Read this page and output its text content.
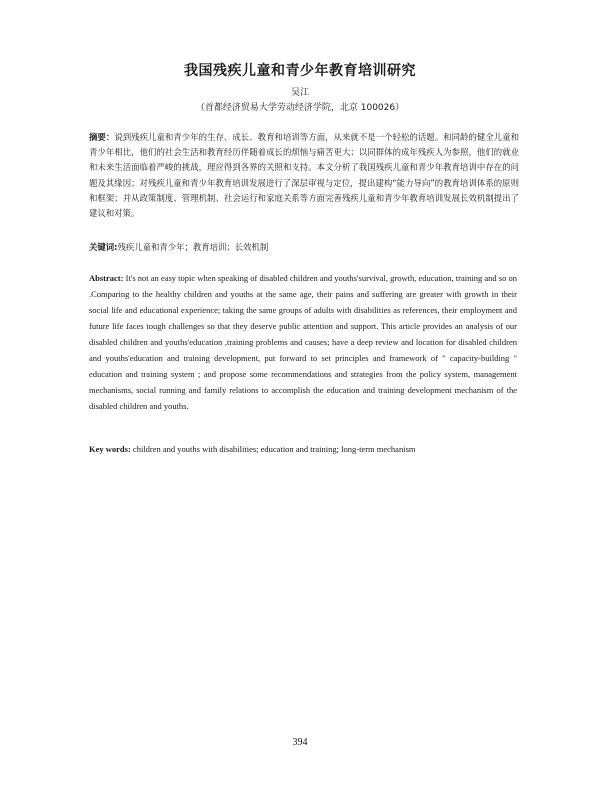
我国残疾儿童和青少年教育培训研究
吴江
（首都经济贸易大学劳动经济学院，北京 100026）
摘要：说到残疾儿童和青少年的生存、成长、教育和培训等方面，从来就不是一个轻松的话题。和同龄的健全儿童和青少年相比，他们的社会生活和教育经历伴随着成长的烦恼与痛苦更大；以同群体的成年残疾人为参照，他们的就业和未来生活面临着严峻的挑战，理应得到各界的关照和支持。本文分析了我国残疾儿童和青少年教育培训中存在的问题及其缘因；对残疾儿童和青少年教育培训发展进行了深层审视与定位，提出建构“能力导向”的教育培训体系的原则和框架；并从政策制度、管理机制、社会运行和家庭关系等方面完善残疾儿童和青少年教育培训发展长效机制提出了建议和对策。
关键词:残疾儿童和青少年；教育培训；长效机制
Abstract: It's not an easy topic when speaking of disabled children and youths'survival, growth, education, training and so on .Comparing to the healthy children and youths at the same age, their pains and suffering are greater with growth in their social life and educational experience; taking the same groups of adults with disabilities as references, their employment and future life faces tough challenges so that they deserve public attention and support. This article provides an analysis of our disabled children and youths'education ,training problems and causes; have a deep review and location for disabled children and youths'education and training development, put forward to set principles and framework of " capacity-building " education and training system ; and propose some recommendations and strategies from the policy system, management mechanisms, social running and family relations to accomplish the education and training development mechanism of the disabled children and youths.
Key words: children and youths with disabilities; education and training; long-term mechanism
394
